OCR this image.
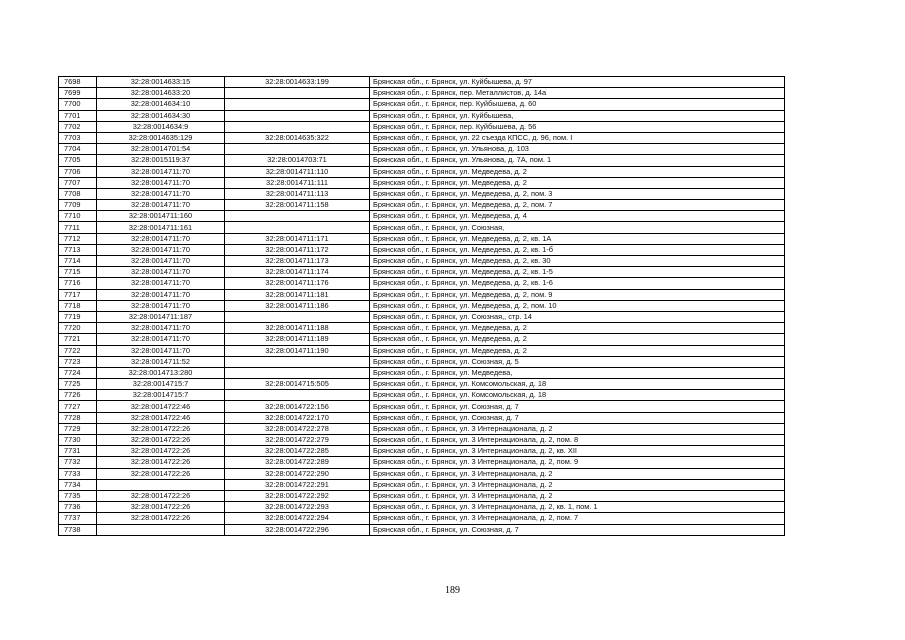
7698	32:28:0014633:15	32:28:0014633:199	Брянская обл., г. Брянск, ул. Куйбышева, д. 97
7699	32:28:0014633:20		Брянская обл., г. Брянск, пер. Металлистов, д. 14а
7700	32:28:0014634:10		Брянская обл., г. Брянск, пер. Куйбышева, д. 60
7701	32:28:0014634:30		Брянская обл., г. Брянск, ул. Куйбышева,
7702	32:28:0014634:9		Брянская обл., г. Брянск, пер. Куйбышева, д. 56
7703	32:28:0014635:129	32:28:0014635:322	Брянская обл., г. Брянск, ул. 22 съезда КПСС, д. 96, пом. I
7704	32:28:0014701:54		Брянская обл., г. Брянск, ул. Ульянова, д. 103
7705	32:28:0015119:37	32:28:0014703:71	Брянская обл., г. Брянск, ул. Ульянова, д. 7А, пом. 1
7706	32:28:0014711:70	32:28:0014711:110	Брянская обл., г. Брянск, ул. Медведева, д. 2
7707	32:28:0014711:70	32:28:0014711:111	Брянская обл., г. Брянск, ул. Медведева, д. 2
7708	32:28:0014711:70	32:28:0014711:113	Брянская обл., г. Брянск, ул. Медведева, д. 2, пом. 3
7709	32:28:0014711:70	32:28:0014711:158	Брянская обл., г. Брянск, ул. Медведева, д. 2, пом. 7
7710	32:28:0014711:160		Брянская обл., г. Брянск, ул. Медведева, д. 4
7711	32:28:0014711:161		Брянская обл., г. Брянск, ул. Союзная,
7712	32:28:0014711:70	32:28:0014711:171	Брянская обл., г. Брянск, ул. Медведева, д. 2, кв. 1А
7713	32:28:0014711:70	32:28:0014711:172	Брянская обл., г. Брянск, ул. Медведева, д. 2, кв. 1-б
7714	32:28:0014711:70	32:28:0014711:173	Брянская обл., г. Брянск, ул. Медведева, д. 2, кв. 30
7715	32:28:0014711:70	32:28:0014711:174	Брянская обл., г. Брянск, ул. Медведева, д. 2, кв. 1-5
7716	32:28:0014711:70	32:28:0014711:176	Брянская обл., г. Брянск, ул. Медведева, д. 2, кв. 1-6
7717	32:28:0014711:70	32:28:0014711:181	Брянская обл., г. Брянск, ул. Медведева, д. 2, пом. 9
7718	32:28:0014711:70	32:28:0014711:186	Брянская обл., г. Брянск, ул. Медведева, д. 2, пом. 10
7719	32:28:0014711:187		Брянская обл., г. Брянск, ул. Союзная,, стр. 14
7720	32:28:0014711:70	32:28:0014711:188	Брянская обл., г. Брянск, ул. Медведева, д. 2
7721	32:28:0014711:70	32:28:0014711:189	Брянская обл., г. Брянск, ул. Медведева, д. 2
7722	32:28:0014711:70	32:28:0014711:190	Брянская обл., г. Брянск, ул. Медведева, д. 2
7723	32:28:0014711:52		Брянская обл., г. Брянск, ул. Союзная, д. 5
7724	32:28:0014713:280		Брянская обл., г. Брянск, ул. Медведева,
7725	32:28:0014715:7	32:28:0014715:505	Брянская обл., г. Брянск, ул. Комсомольская, д. 18
7726	32:28:0014715:7		Брянская обл., г. Брянск, ул. Комсомольская, д. 18
7727	32:28:0014722:46	32:28:0014722:156	Брянская обл., г. Брянск, ул. Союзная, д. 7
7728	32:28:0014722:46	32:28:0014722:170	Брянская обл., г. Брянск, ул. Союзная, д. 7
7729	32:28:0014722:26	32:28:0014722:278	Брянская обл., г. Брянск, ул. 3 Интернационала, д. 2
7730	32:28:0014722:26	32:28:0014722:279	Брянская обл., г. Брянск, ул. 3 Интернационала, д. 2, пом. 8
7731	32:28:0014722:26	32:28:0014722:285	Брянская обл., г. Брянск, ул. 3 Интернационала, д. 2, кв. XII
7732	32:28:0014722:26	32:28:0014722:289	Брянская обл., г. Брянск, ул. 3 Интернационала, д. 2, пом. 9
7733	32:28:0014722:26	32:28:0014722:290	Брянская обл., г. Брянск, ул. 3 Интернационала, д. 2
7734		32:28:0014722:291	Брянская обл., г. Брянск, ул. 3 Интернационала, д. 2
7735	32:28:0014722:26	32:28:0014722:292	Брянская обл., г. Брянск, ул. 3 Интернационала, д. 2
7736	32:28:0014722:26	32:28:0014722:293	Брянская обл., г. Брянск, ул. 3 Интернационала, д. 2, кв. 1, пом. 1
7737	32:28:0014722:26	32:28:0014722:294	Брянская обл., г. Брянск, ул. 3 Интернационала, д. 2, пом. 7
7738		32:28:0014722:296	Брянская обл., г. Брянск, ул. Союзная, д. 7
189
